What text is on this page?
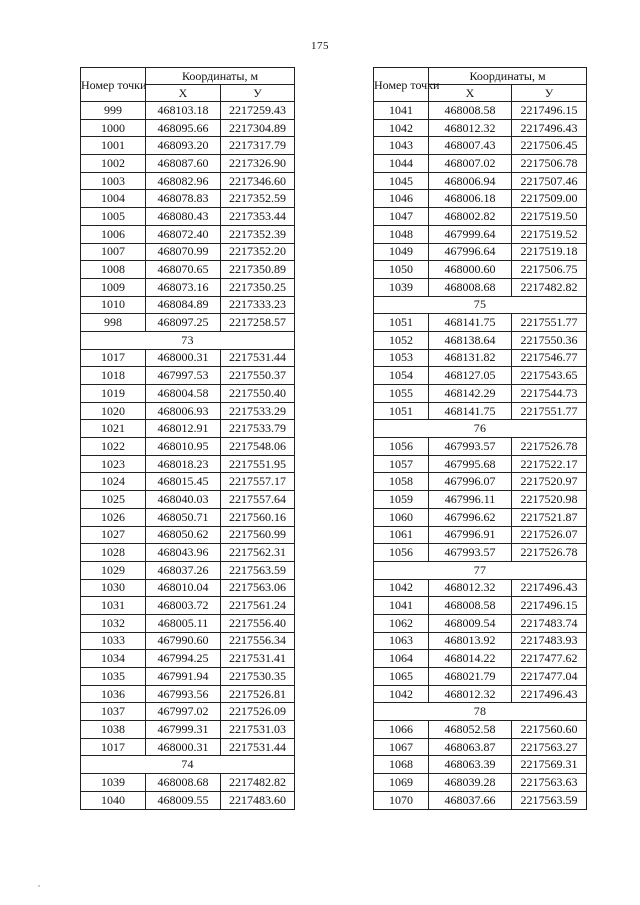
175
Номер точки	Координаты, м	
	X	У
999	468103.18	2217259.43
1000	468095.66	2217304.89
1001	468093.20	2217317.79
1002	468087.60	2217326.90
1003	468082.96	2217346.60
1004	468078.83	2217352.59
1005	468080.43	2217353.44
1006	468072.40	2217352.39
1007	468070.99	2217352.20
1008	468070.65	2217350.89
1009	468073.16	2217350.25
1010	468084.89	2217333.23
998	468097.25	2217258.57
73		
1017	468000.31	2217531.44
1018	467997.53	2217550.37
1019	468004.58	2217550.40
1020	468006.93	2217533.29
1021	468012.91	2217533.79
1022	468010.95	2217548.06
1023	468018.23	2217551.95
1024	468015.45	2217557.17
1025	468040.03	2217557.64
1026	468050.71	2217560.16
1027	468050.62	2217560.99
1028	468043.96	2217562.31
1029	468037.26	2217563.59
1030	468010.04	2217563.06
1031	468003.72	2217561.24
1032	468005.11	2217556.40
1033	467990.60	2217556.34
1034	467994.25	2217531.41
1035	467991.94	2217530.35
1036	467993.56	2217526.81
1037	467997.02	2217526.09
1038	467999.31	2217531.03
1017	468000.31	2217531.44
74		
1039	468008.68	2217482.82
1040	468009.55	2217483.60
Номер точки	Координаты, м	
	X	У
1041	468008.58	2217496.15
1042	468012.32	2217496.43
1043	468007.43	2217506.45
1044	468007.02	2217506.78
1045	468006.94	2217507.46
1046	468006.18	2217509.00
1047	468002.82	2217519.50
1048	467999.64	2217519.52
1049	467996.64	2217519.18
1050	468000.60	2217506.75
1039	468008.68	2217482.82
75		
1051	468141.75	2217551.77
1052	468138.64	2217550.36
1053	468131.82	2217546.77
1054	468127.05	2217543.65
1055	468142.29	2217544.73
1051	468141.75	2217551.77
76		
1056	467993.57	2217526.78
1057	467995.68	2217522.17
1058	467996.07	2217520.97
1059	467996.11	2217520.98
1060	467996.62	2217521.87
1061	467996.91	2217526.07
1056	467993.57	2217526.78
77		
1042	468012.32	2217496.43
1041	468008.58	2217496.15
1062	468009.54	2217483.74
1063	468013.92	2217483.93
1064	468014.22	2217477.62
1065	468021.79	2217477.04
1042	468012.32	2217496.43
78		
1066	468052.58	2217560.60
1067	468063.87	2217563.27
1068	468063.39	2217569.31
1069	468039.28	2217563.63
1070	468037.66	2217563.59
